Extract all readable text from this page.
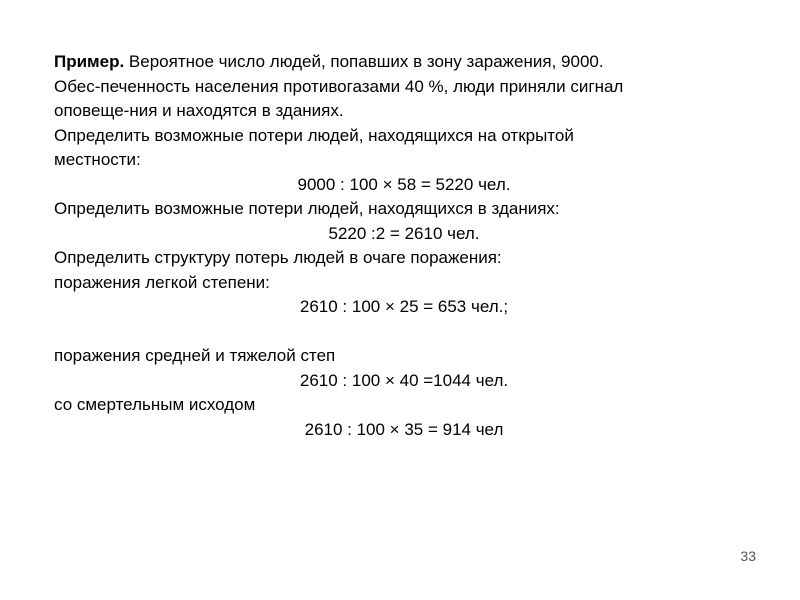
Пример. Вероятное число людей, попавших в зону заражения, 9000.
Обес-печенность населения противогазами 40 %, люди приняли сигнал
оповеще-ния и находятся в зданиях.
Определить возможные потери людей, находящихся на открытой
местности:
9000 : 100 × 58 = 5220 чел.
Определить возможные потери людей, находящихся в зданиях:
5220 :2 = 2610 чел.
Определить структуру потерь людей в очаге поражения:
поражения легкой степени:
2610 : 100 × 25 = 653 чел.;
поражения средней и тяжелой степ
2610 : 100 × 40 =1044 чел.
со смертельным исходом
2610 : 100 × 35 = 914 чел
33
